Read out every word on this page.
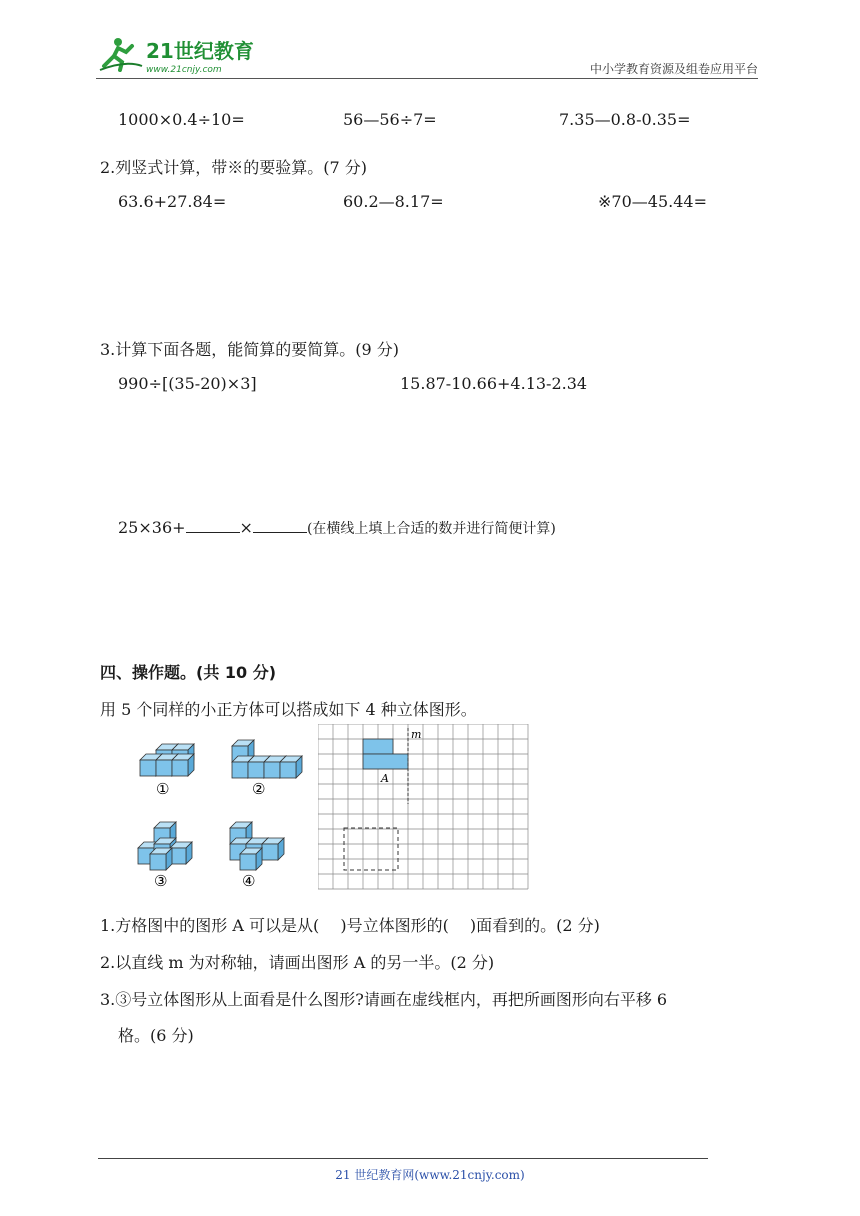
21世纪教育
www.21cnjy.com	中小学教育资源及组卷应用平台
1000×0.4÷10=	56—56÷7=	7.35—0.8-0.35=
2.列竖式计算，带※的要验算。(7 分)
63.6+27.84=	60.2—8.17=	※70—45.44=
3.计算下面各题，能简算的要简算。(9 分)
990÷[(35-20)×3]	15.87-10.66+4.13-2.34
25×36+	×	(在横线上填上合适的数并进行简便计算)
四、操作题。(共 10 分)
用 5 个同样的小正方体可以搭成如下 4 种立体图形。
①	②
③	④
m
A
1.方格图中的图形 A 可以是从(　 )号立体图形的(　 )面看到的。(2 分)
2.以直线 m 为对称轴，请画出图形 A 的另一半。(2 分)
3.③号立体图形从上面看是什么图形?请画在虚线框内，再把所画图形向右平移 6
格。(6 分)
21 世纪教育网(www.21cnjy.com)
